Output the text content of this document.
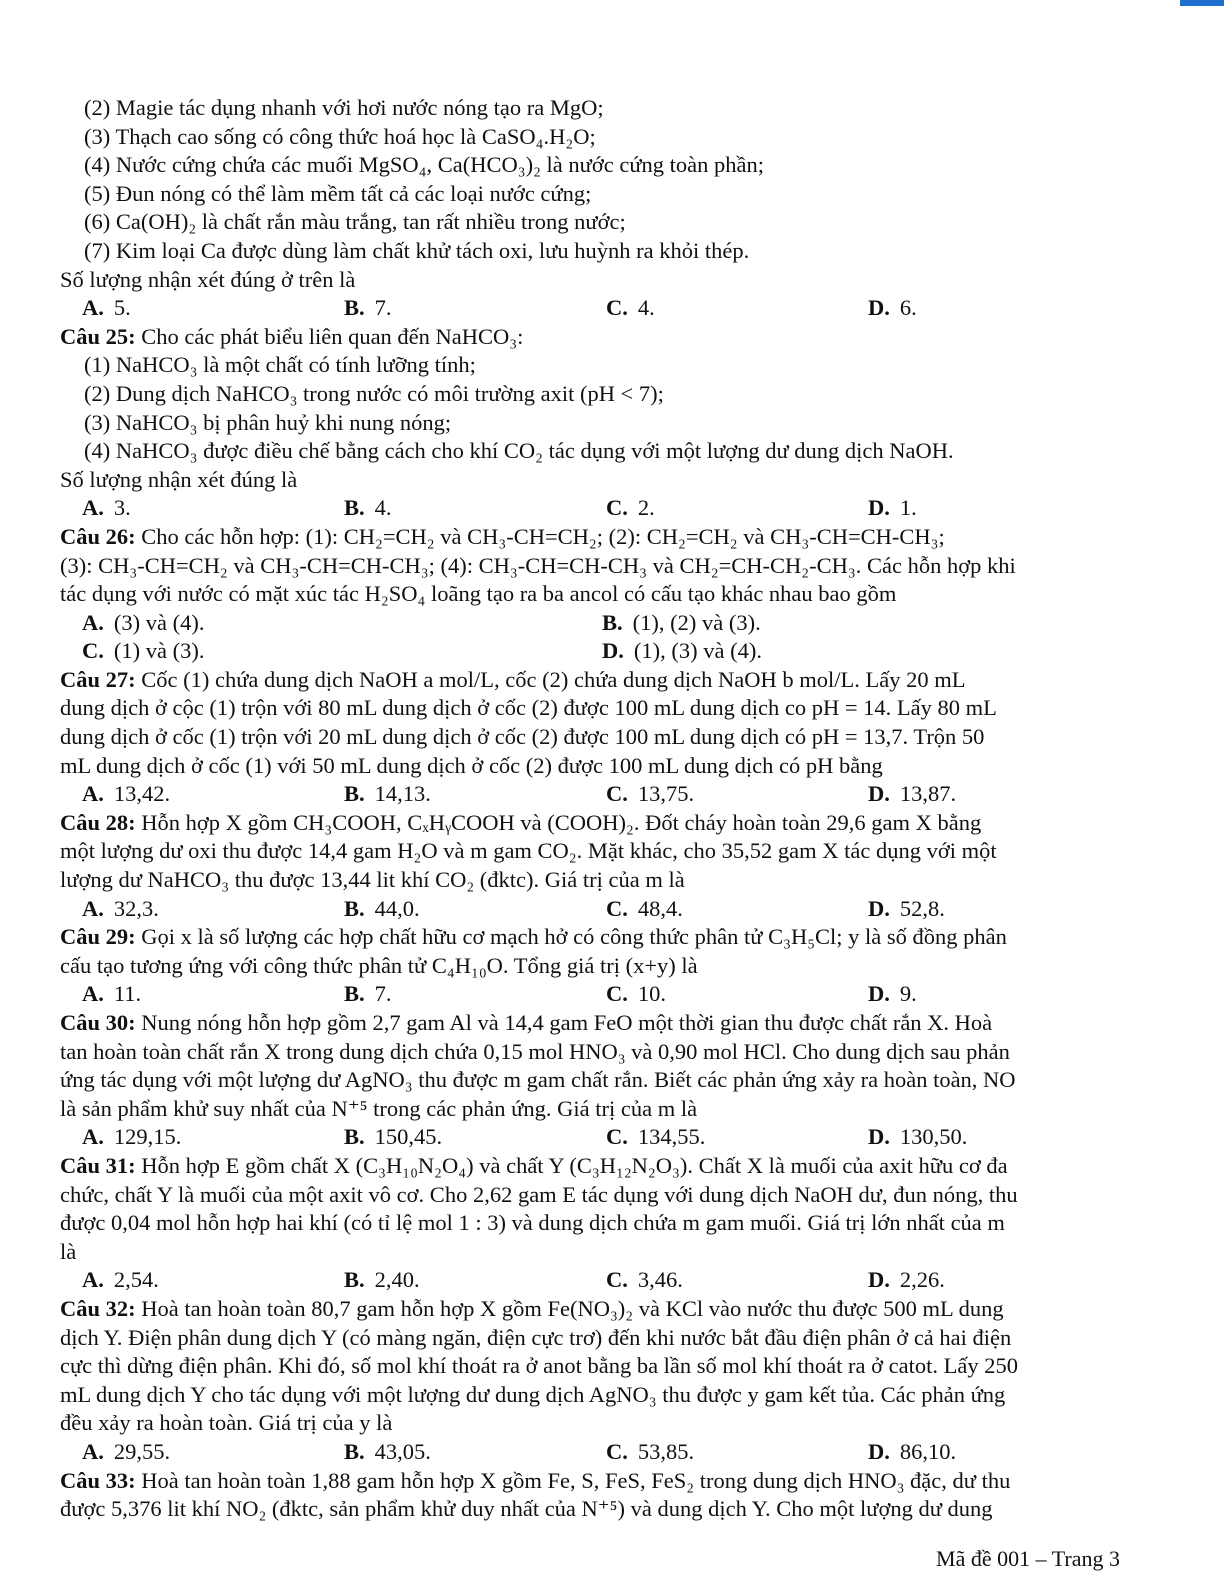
(2) Magie tác dụng nhanh với hơi nước nóng tạo ra MgO;
(3) Thạch cao sống có công thức hoá học là CaSO₄.H₂O;
(4) Nước cứng chứa các muối MgSO₄, Ca(HCO₃)₂ là nước cứng toàn phần;
(5) Đun nóng có thể làm mềm tất cả các loại nước cứng;
(6) Ca(OH)₂ là chất rắn màu trắng, tan rất nhiều trong nước;
(7) Kim loại Ca được dùng làm chất khử tách oxi, lưu huỳnh ra khỏi thép.
Số lượng nhận xét đúng ở trên là
A. 5.	B. 7.	C. 4.	D. 6.
Câu 25: Cho các phát biểu liên quan đến NaHCO₃:
(1) NaHCO₃ là một chất có tính lưỡng tính;
(2) Dung dịch NaHCO₃ trong nước có môi trường axit (pH < 7);
(3) NaHCO₃ bị phân huỷ khi nung nóng;
(4) NaHCO₃ được điều chế bằng cách cho khí CO₂ tác dụng với một lượng dư dung dịch NaOH.
Số lượng nhận xét đúng là
A. 3.	B. 4.	C. 2.	D. 1.
Câu 26: Cho các hỗn hợp: (1): CH₂=CH₂ và CH₃-CH=CH₂; (2): CH₂=CH₂ và CH₃-CH=CH-CH₃;
(3): CH₃-CH=CH₂ và CH₃-CH=CH-CH₃; (4): CH₃-CH=CH-CH₃ và CH₂=CH-CH₂-CH₃. Các hỗn hợp khi
tác dụng với nước có mặt xúc tác H₂SO₄ loãng tạo ra ba ancol có cấu tạo khác nhau bao gồm
A. (3) và (4).	B. (1), (2) và (3).
C. (1) và (3).	D. (1), (3) và (4).
Câu 27: Cốc (1) chứa dung dịch NaOH a mol/L, cốc (2) chứa dung dịch NaOH b mol/L. Lấy 20 mL
dung dịch ở cộc (1) trộn với 80 mL dung dịch ở cốc (2) được 100 mL dung dịch co pH = 14. Lấy 80 mL
dung dịch ở cốc (1) trộn với 20 mL dung dịch ở cốc (2) được 100 mL dung dịch có pH = 13,7. Trộn 50
mL dung dịch ở cốc (1) với 50 mL dung dịch ở cốc (2) được 100 mL dung dịch có pH bằng
A. 13,42.	B. 14,13.	C. 13,75.	D. 13,87.
Câu 28: Hỗn hợp X gồm CH₃COOH, CₓHᵧCOOH và (COOH)₂. Đốt cháy hoàn toàn 29,6 gam X bằng
một lượng dư oxi thu được 14,4 gam H₂O và m gam CO₂. Mặt khác, cho 35,52 gam X tác dụng với một
lượng dư NaHCO₃ thu được 13,44 lit khí CO₂ (đktc). Giá trị của m là
A. 32,3.	B. 44,0.	C. 48,4.	D. 52,8.
Câu 29: Gọi x là số lượng các hợp chất hữu cơ mạch hở có công thức phân tử C₃H₅Cl; y là số đồng phân
cấu tạo tương ứng với công thức phân tử C₄H₁₀O. Tổng giá trị (x+y) là
A. 11.	B. 7.	C. 10.	D. 9.
Câu 30: Nung nóng hỗn hợp gồm 2,7 gam Al và 14,4 gam FeO một thời gian thu được chất rắn X. Hoà
tan hoàn toàn chất rắn X trong dung dịch chứa 0,15 mol HNO₃ và 0,90 mol HCl. Cho dung dịch sau phản
ứng tác dụng với một lượng dư AgNO₃ thu được m gam chất rắn. Biết các phản ứng xảy ra hoàn toàn, NO
là sản phẩm khử suy nhất của N⁺⁵ trong các phản ứng. Giá trị của m là
A. 129,15.	B. 150,45.	C. 134,55.	D. 130,50.
Câu 31: Hỗn hợp E gồm chất X (C₃H₁₀N₂O₄) và chất Y (C₃H₁₂N₂O₃). Chất X là muối của axit hữu cơ đa
chức, chất Y là muối của một axit vô cơ. Cho 2,62 gam E tác dụng với dung dịch NaOH dư, đun nóng, thu
được 0,04 mol hỗn hợp hai khí (có tỉ lệ mol 1 : 3) và dung dịch chứa m gam muối. Giá trị lớn nhất của m
là
A. 2,54.	B. 2,40.	C. 3,46.	D. 2,26.
Câu 32: Hoà tan hoàn toàn 80,7 gam hỗn hợp X gồm Fe(NO₃)₂ và KCl vào nước thu được 500 mL dung
dịch Y. Điện phân dung dịch Y (có màng ngăn, điện cực trơ) đến khi nước bắt đầu điện phân ở cả hai điện
cực thì dừng điện phân. Khi đó, số mol khí thoát ra ở anot bằng ba lần số mol khí thoát ra ở catot. Lấy 250
mL dung dịch Y cho tác dụng với một lượng dư dung dịch AgNO₃ thu được y gam kết tủa. Các phản ứng
đều xảy ra hoàn toàn. Giá trị của y là
A. 29,55.	B. 43,05.	C. 53,85.	D. 86,10.
Câu 33: Hoà tan hoàn toàn 1,88 gam hỗn hợp X gồm Fe, S, FeS, FeS₂ trong dung dịch HNO₃ đặc, dư thu
được 5,376 lit khí NO₂ (đktc, sản phẩm khử duy nhất của N⁺⁵) và dung dịch Y. Cho một lượng dư dung
Mã đề 001 – Trang 3
